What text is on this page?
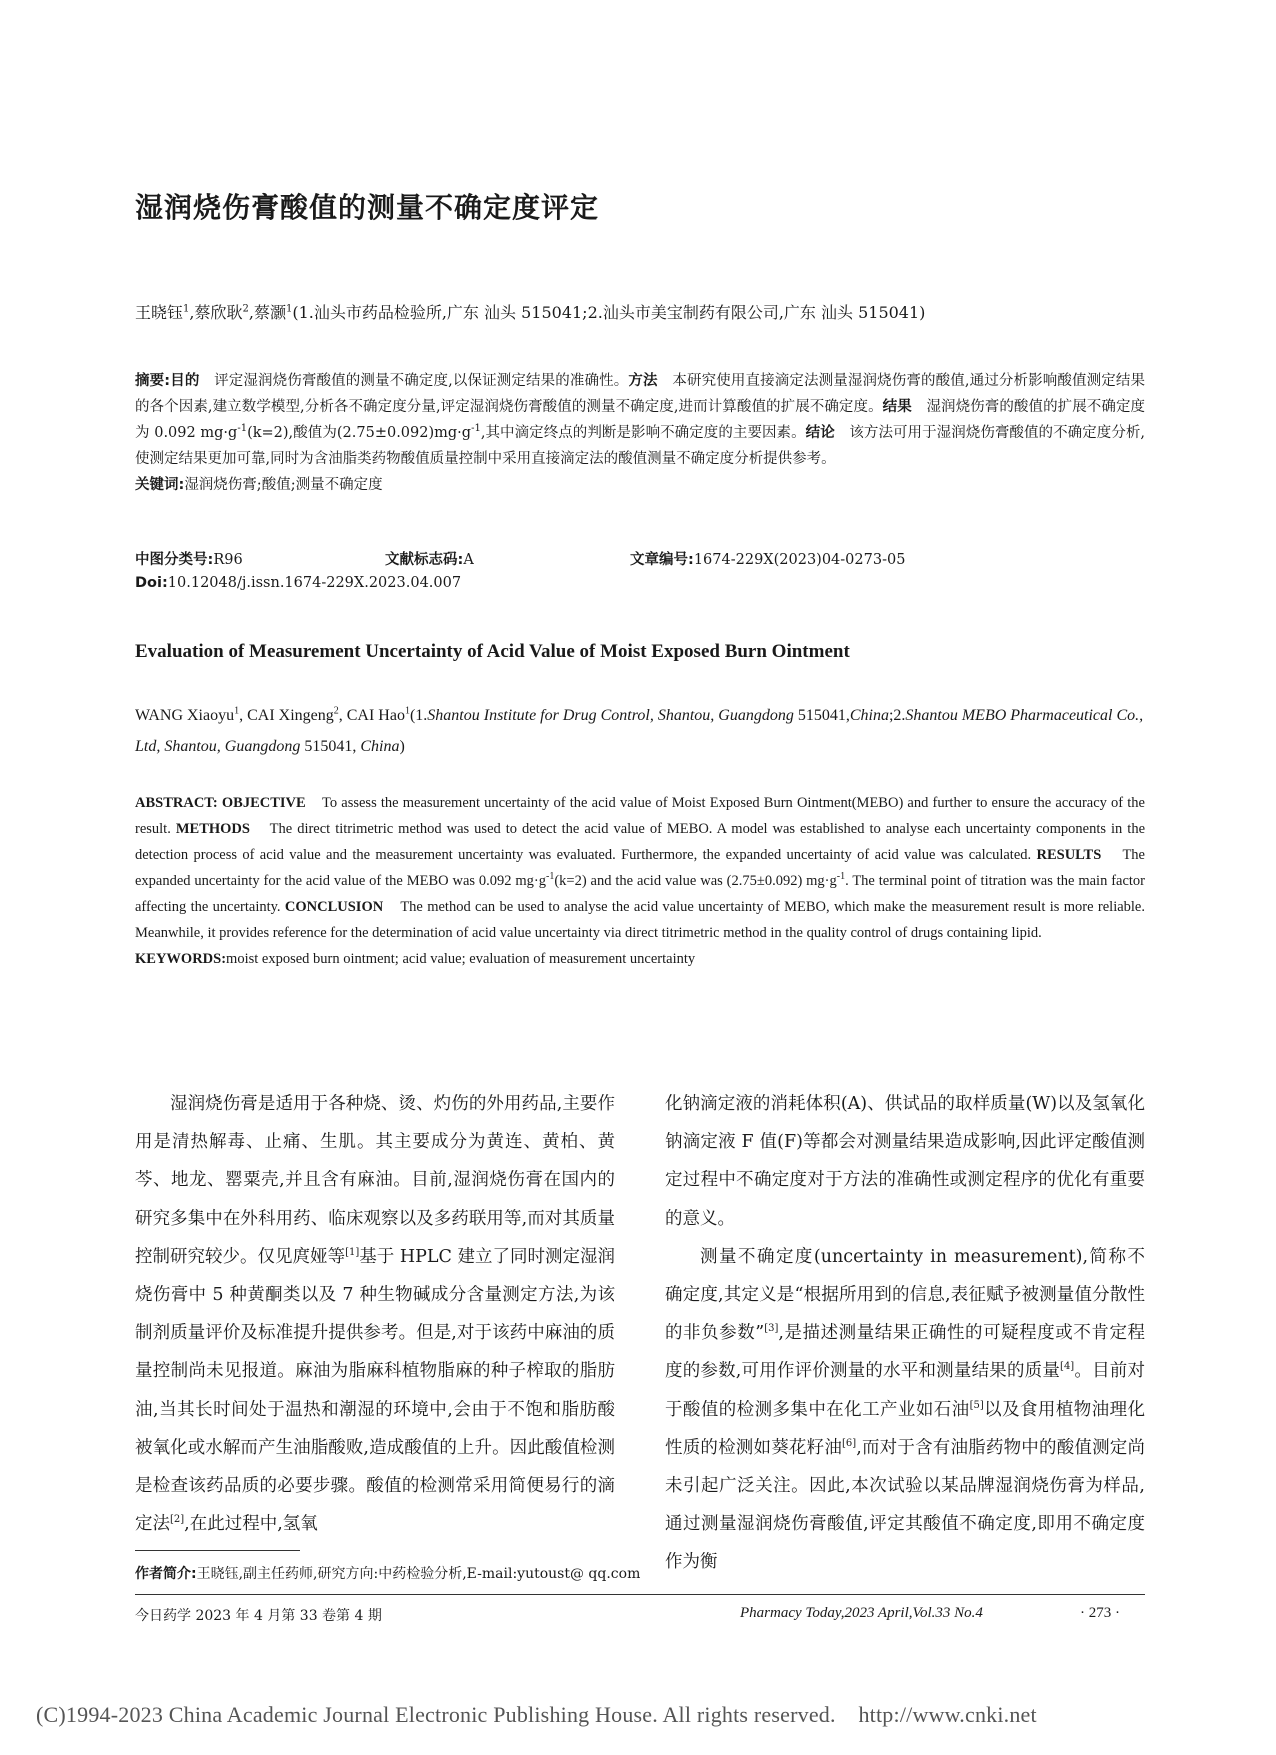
湿润烧伤膏酸值的测量不确定度评定
王晓钰$^1$,蔡欣耿$^2$,蔡灏$^1$(1.汕头市药品检验所,广东 汕头 515041;2.汕头市美宝制药有限公司,广东 汕头 515041)
摘要:目的　 评定湿润烧伤膏酸值的测量不确定度,以保证测定结果的准确性。方法　 本研究使用直接滴定法测量湿润烧伤膏的酸值,通过分析影响酸值测定结果的各个因素,建立数学模型,分析各不确定度分量,评定湿润烧伤膏酸值的测量不确定度,进而计算酸值的扩展不确定度。结果　 湿润烧伤膏的酸值的扩展不确定度为 0.092 $mg\cdot g^{-1}(k=2)$,酸值为$(2.75\pm 0.092)mg\cdot g^{-1}$,其中滴定终点的判断是影响不确定度的主要因素。结论　 该方法可用于湿润烧伤膏酸值的不确定度分析,使测定结果更加可靠,同时为含油脂类药物酸值质量控制中采用直接滴定法的酸值测量不确定度分析提供参考。
关键词:湿润烧伤膏;酸值;测量不确定度
中图分类号:R96	文献标志码:A	文章编号:1674-229X(2023)04-0273-05
Doi:10.12048/j.issn.1674-229X.2023.04.007
Evaluation of Measurement Uncertainty of Acid Value of Moist Exposed Burn Ointment
WANG Xiaoyu$^1$, CAI Xingeng$^2$, CAI Hao$^1$(1.Shantou Institute for Drug Control, Shantou, Guangdong 515041,China;2.Shantou MEBO Pharmaceutical Co., Ltd, Shantou, Guangdong 515041, China)
ABSTRACT: OBJECTIVE To assess the measurement uncertainty of the acid value of Moist Exposed Burn Ointment(MEBO) and further to ensure the accuracy of the result. METHODS The direct titrimetric method was used to detect the acid value of MEBO. A model was established to analyse each uncertainty components in the detection process of acid value and the measurement uncertainty was evaluated. Furthermore, the expanded uncertainty of acid value was calculated. RESULTS The expanded uncertainty for the acid value of the MEBO was 0.092 $mg\cdot g^{-1}(k=2)$ and the acid value was (2.75±0.092) $mg\cdot g^{-1}$. The terminal point of titration was the main factor affecting the uncertainty. CONCLUSION The method can be used to analyse the acid value uncertainty of MEBO, which make the measurement result is more reliable. Meanwhile, it provides reference for the determination of acid value uncertainty via direct titrimetric method in the quality control of drugs containing lipid.
KEYWORDS:moist exposed burn ointment; acid value; evaluation of measurement uncertainty

湿润烧伤膏是适用于各种烧、烫、灼伤的外用药品,主要作用是清热解毒、止痛、生肌。其主要成分为黄连、黄柏、黄芩、地龙、罂粟壳,并且含有麻油。目前,湿润烧伤膏在国内的研究多集中在外科用药、临床观察以及多药联用等,而对其质量控制研究较少。仅见庹娅等[1]基于 HPLC 建立了同时测定湿润烧伤膏中 5 种黄酮类以及 7 种生物碱成分含量测定方法,为该制剂质量评价及标准提升提供参考。但是,对于该药中麻油的质量控制尚未见报道。麻油为脂麻科植物脂麻的种子榨取的脂肪油,当其长时间处于温热和潮湿的环境中,会由于不饱和脂肪酸被氧化或水解而产生油脂酸败,造成酸值的上升。因此酸值检测是检查该药品质的必要步骤。酸值的检测常采用简便易行的滴定法[2],在此过程中,氢氧

化钠滴定液的消耗体积(A)、供试品的取样质量(W)以及氢氧化钠滴定液 F 值(F)等都会对测量结果造成影响,因此评定酸值测定过程中不确定度对于方法的准确性或测定程序的优化有重要的意义。

测量不确定度(uncertainty in measurement),简称不确定度,其定义是“根据所用到的信息,表征赋予被测量值分散性的非负参数”[3],是描述测量结果正确性的可疑程度或不肯定程度的参数,可用作评价测量的水平和测量结果的质量[4]。目前对于酸值的检测多集中在化工产业如石油[5]以及食用植物油理化性质的检测如葵花籽油[6],而对于含有油脂药物中的酸值测定尚未引起广泛关注。因此,本次试验以某品牌湿润烧伤膏为样品,通过测量湿润烧伤膏酸值,评定其酸值不确定度,即用不确定度作为衡

作者简介:王晓钰,副主任药师,研究方向:中药检验分析,E-mail:yutoust@ qq.com
今日药学 2023 年 4 月第 33 卷第 4 期	Pharmacy Today,2023 April,Vol.33 No.4	· 273 ·
(C)1994-2023 China Academic Journal Electronic Publishing House. All rights reserved.    http://www.cnki.net
